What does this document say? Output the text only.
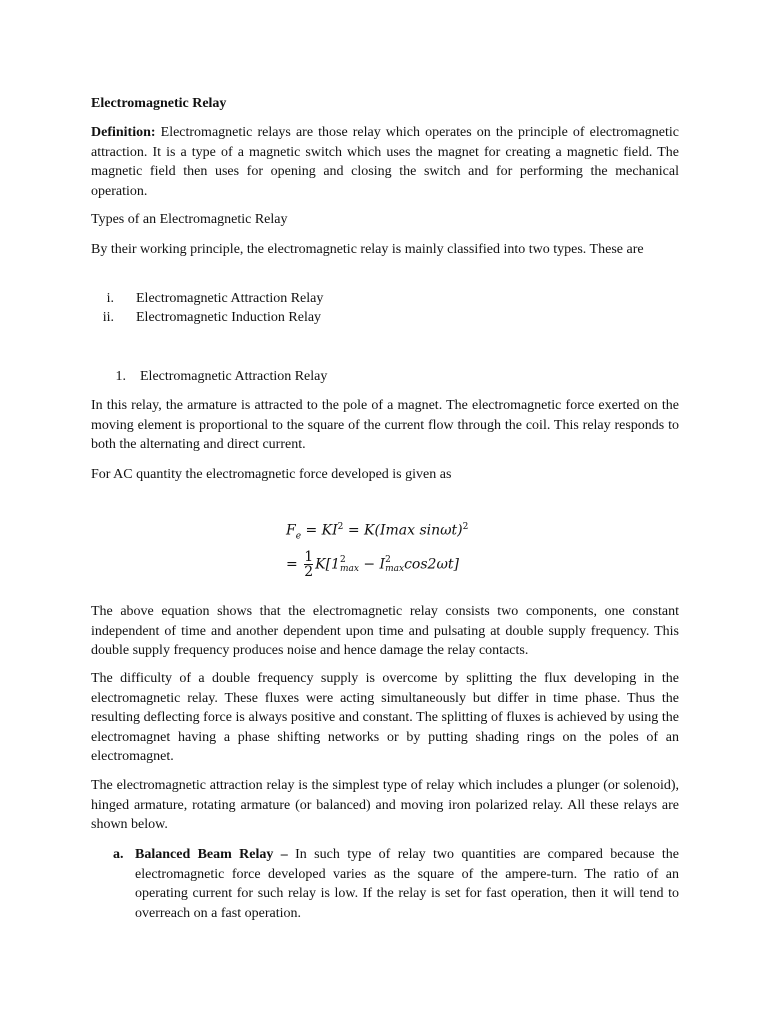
Electromagnetic Relay

Definition: Electromagnetic relays are those relay which operates on the principle of electromagnetic attraction. It is a type of a magnetic switch which uses the magnet for creating a magnetic field. The magnetic field then uses for opening and closing the switch and for performing the mechanical operation.

Types of an Electromagnetic Relay

By their working principle, the electromagnetic relay is mainly classified into two types. These are

i. Electromagnetic Attraction Relay
ii. Electromagnetic Induction Relay
1. Electromagnetic Attraction Relay

In this relay, the armature is attracted to the pole of a magnet. The electromagnetic force exerted on the moving element is proportional to the square of the current flow through the coil. This relay responds to both the alternating and direct current.

For AC quantity the electromagnetic force developed is given as

$F_e = KI^2 = K(Imax$ sinωt)$^2$
= $\frac{1}{2} K[1$ 2
max − I 2
max cos2ωt]

The above equation shows that the electromagnetic relay consists two components, one constant independent of time and another dependent upon time and pulsating at double supply frequency. This double supply frequency produces noise and hence damage the relay contacts.

The difficulty of a double frequency supply is overcome by splitting the flux developing in the electromagnetic relay. These fluxes were acting simultaneously but differ in time phase. Thus the resulting deflecting force is always positive and constant. The splitting of fluxes is achieved by using the electromagnet having a phase shifting networks or by putting shading rings on the poles of an electromagnet.

The electromagnetic attraction relay is the simplest type of relay which includes a plunger (or solenoid), hinged armature, rotating armature (or balanced) and moving iron polarized relay. All these relays are shown below.

a. Balanced Beam Relay – In such type of relay two quantities are compared because the electromagnetic force developed varies as the square of the ampere-turn. The ratio of an operating current for such relay is low. If the relay is set for fast operation, then it will tend to overreach on a fast operation.
